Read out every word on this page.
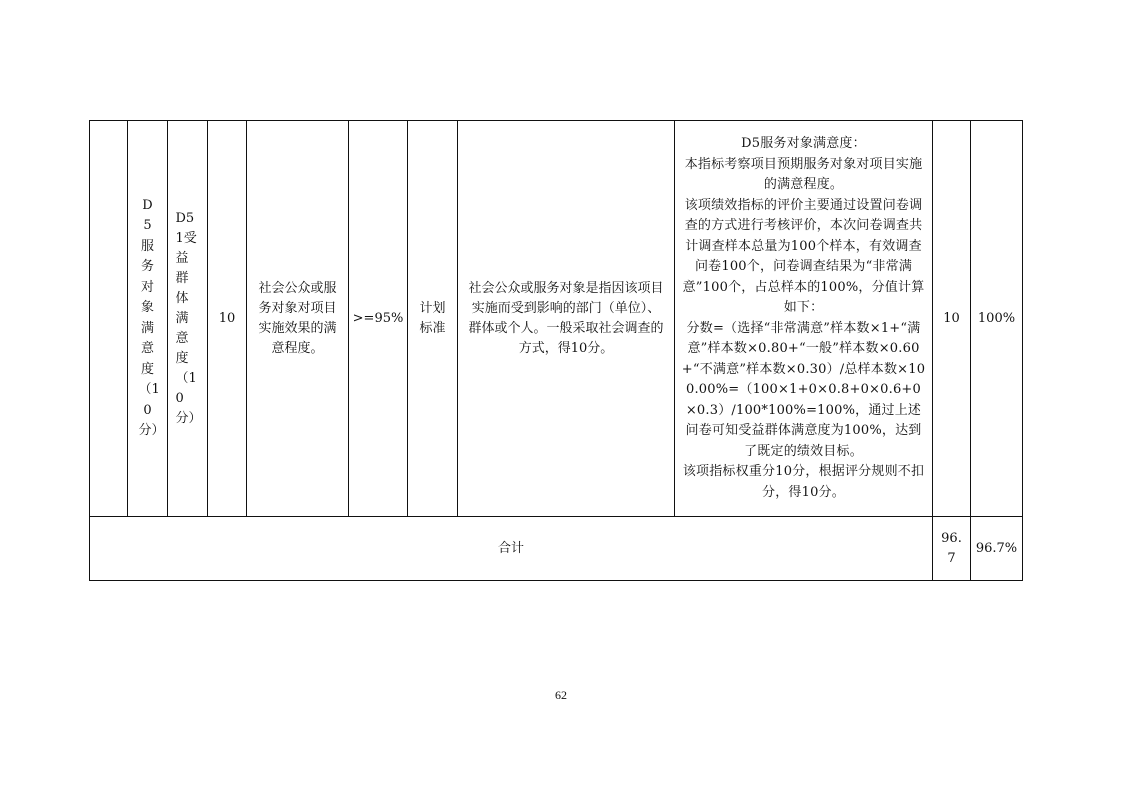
	D5服务对象满意度（10分）	D51受益群体满意度（10分）	10	社会公众或服务对象对项目实施效果的满意程度。	>=95%	计划标准	社会公众或服务对象是指因该项目实施而受到影响的部门（单位）、群体或个人。一般采取社会调查的方式，得10分。	D5服务对象满意度：
本指标考察项目预期服务对象对项目实施的满意程度。
该项绩效指标的评价主要通过设置问卷调查的方式进行考核评价，本次问卷调查共计调查样本总量为100个样本，有效调查问卷100个，问卷调查结果为“非常满意”100个，占总样本的100%，分值计算如下：
分数=（选择“非常满意”样本数×1+“满意”样本数×0.80+“一般”样本数×0.60+“不满意”样本数×0.30）/总样本数×100.00%=（100×1+0×0.8+0×0.6+0×0.3）/100*100%=100%，通过上述问卷可知受益群体满意度为100%，达到了既定的绩效目标。
该项指标权重分10分，根据评分规则不扣分，得10分。	10	100%
合计									96.7	96.7%
62
